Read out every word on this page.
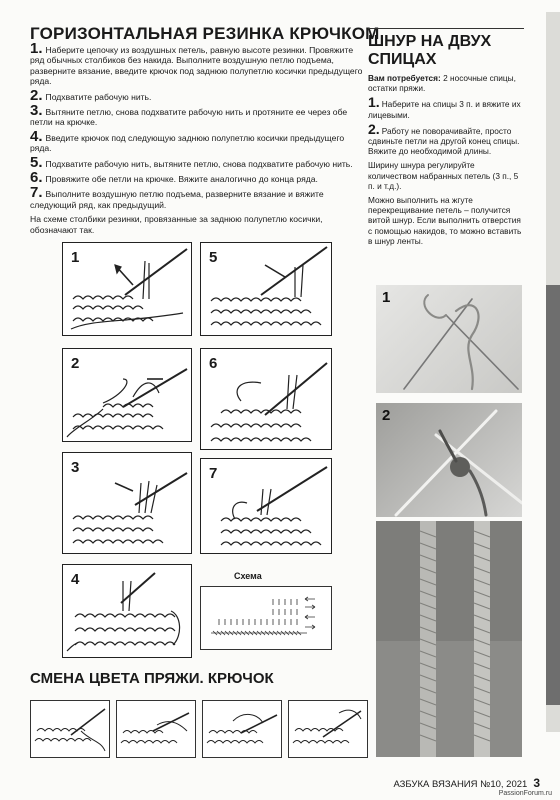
ГОРИЗОНТАЛЬНАЯ РЕЗИНКА КРЮЧКОМ
1. Наберите цепочку из воздушных петель, равную высоте резинки. Провяжите ряд обычных столбиков без накида. Выполните воздушную петлю подъема, разверните вязание, введите крючок под заднюю полупетлю косички предыдущего ряда.
2. Подхватите рабочую нить.
3. Вытяните петлю, снова подхватите рабочую нить и протяните ее через обе петли на крючке.
4. Введите крючок под следующую заднюю полупетлю косички предыдущего ряда.
5. Подхватите рабочую нить, вытяните петлю, снова подхватите рабочую нить.
6. Провяжите обе петли на крючке. Вяжите аналогично до конца ряда.
7. Выполните воздушную петлю подъема, разверните вязание и вяжите следующий ряд, как предыдущий.
На схеме столбики резинки, провязанные за заднюю полупетлю косички, обозначают так.
1
2
3
4
5
6
7
Схема
СМЕНА ЦВЕТА ПРЯЖИ. КРЮЧОК
ШНУР НА ДВУХ СПИЦАХ

Вам потребуется: 2 носочные спицы, остатки пряжи.

1. Наберите на спицы 3 п. и вяжите их лицевыми.

2. Работу не поворачивайте, просто сдвиньте петли на другой конец спицы. Вяжите до необходимой длины.

Ширину шнура регулируйте количеством набранных петель (3 п., 5 п. и т.д.).

Можно выполнить на жгуте перекрещивание петель – получится витой шнур. Если выполнить отверстия с помощью накидов, то можно вставить в шнур ленты.

1
2
АЗБУКА ВЯЗАНИЯ №10, 2021 3
PassionForum.ru
